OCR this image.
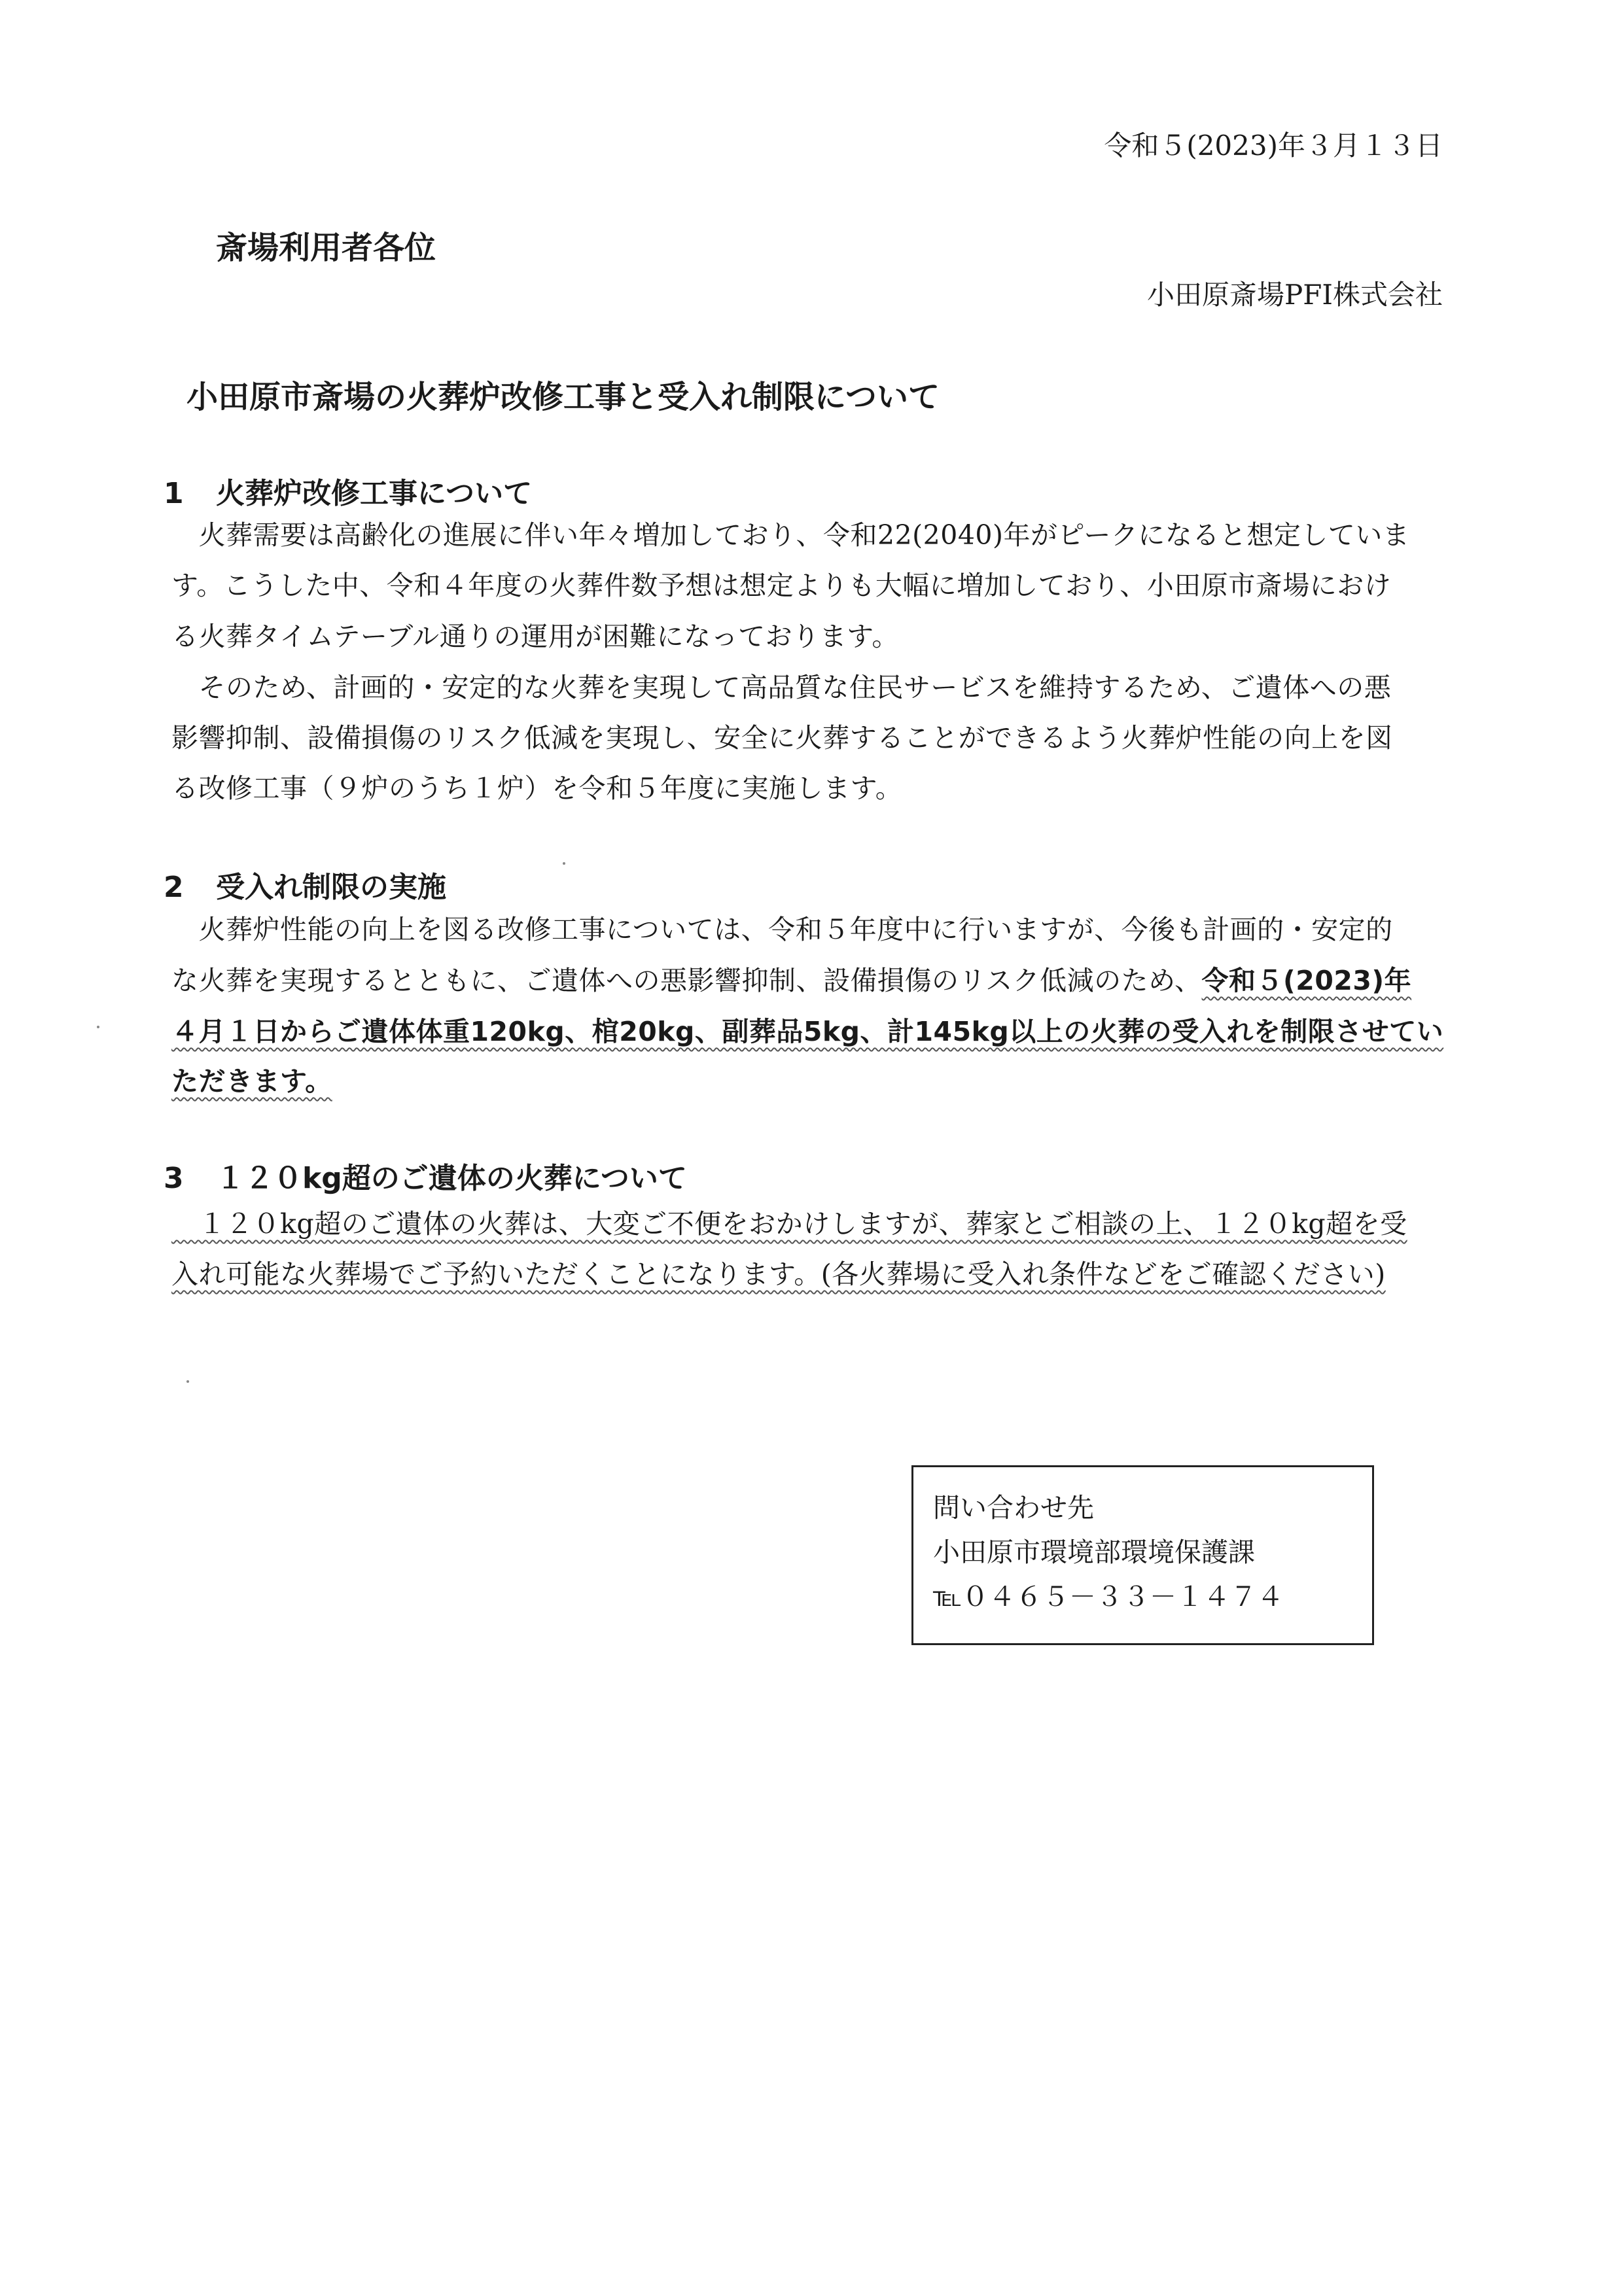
令和５(2023)年３月１３日
斎場利用者各位
小田原斎場PFI株式会社
小田原市斎場の火葬炉改修工事と受入れ制限について
1 火葬炉改修工事について
　火葬需要は高齢化の進展に伴い年々増加しており、令和22(2040)年がピークになると想定していま
す。こうした中、令和４年度の火葬件数予想は想定よりも大幅に増加しており、小田原市斎場におけ
る火葬タイムテーブル通りの運用が困難になっております。
　そのため、計画的・安定的な火葬を実現して高品質な住民サービスを維持するため、ご遺体への悪
影響抑制、設備損傷のリスク低減を実現し、安全に火葬することができるよう火葬炉性能の向上を図
る改修工事（９炉のうち１炉）を令和５年度に実施します。
2 受入れ制限の実施
　火葬炉性能の向上を図る改修工事については、令和５年度中に行いますが、今後も計画的・安定的
な火葬を実現するとともに、ご遺体への悪影響抑制、設備損傷のリスク低減のため、令和５(2023)年
４月１日からご遺体体重120kg、棺20kg、副葬品5kg、計145kg以上の火葬の受入れを制限させてい
ただきます。
3 １２０kg超のご遺体の火葬について
　１２０kg超のご遺体の火葬は、大変ご不便をおかけしますが、葬家とご相談の上、１２０kg超を受
入れ可能な火葬場でご予約いただくことになります。(各火葬場に受入れ条件などをご確認ください)
問い合わせ先
小田原市環境部環境保護課
℡０４６５－３３－１４７４
